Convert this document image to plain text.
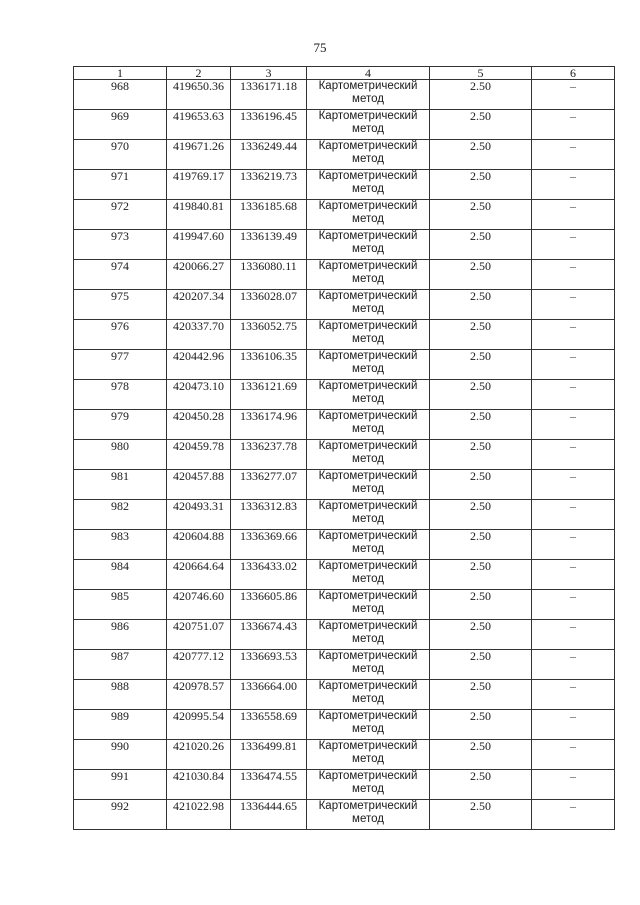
75
1	2	3	4	5	6
968	419650.36	1336171.18	Картометрический метод	2.50	–
969	419653.63	1336196.45	Картометрический метод	2.50	–
970	419671.26	1336249.44	Картометрический метод	2.50	–
971	419769.17	1336219.73	Картометрический метод	2.50	–
972	419840.81	1336185.68	Картометрический метод	2.50	–
973	419947.60	1336139.49	Картометрический метод	2.50	–
974	420066.27	1336080.11	Картометрический метод	2.50	–
975	420207.34	1336028.07	Картометрический метод	2.50	–
976	420337.70	1336052.75	Картометрический метод	2.50	–
977	420442.96	1336106.35	Картометрический метод	2.50	–
978	420473.10	1336121.69	Картометрический метод	2.50	–
979	420450.28	1336174.96	Картометрический метод	2.50	–
980	420459.78	1336237.78	Картометрический метод	2.50	–
981	420457.88	1336277.07	Картометрический метод	2.50	–
982	420493.31	1336312.83	Картометрический метод	2.50	–
983	420604.88	1336369.66	Картометрический метод	2.50	–
984	420664.64	1336433.02	Картометрический метод	2.50	–
985	420746.60	1336605.86	Картометрический метод	2.50	–
986	420751.07	1336674.43	Картометрический метод	2.50	–
987	420777.12	1336693.53	Картометрический метод	2.50	–
988	420978.57	1336664.00	Картометрический метод	2.50	–
989	420995.54	1336558.69	Картометрический метод	2.50	–
990	421020.26	1336499.81	Картометрический метод	2.50	–
991	421030.84	1336474.55	Картометрический метод	2.50	–
992	421022.98	1336444.65	Картометрический метод	2.50	–
